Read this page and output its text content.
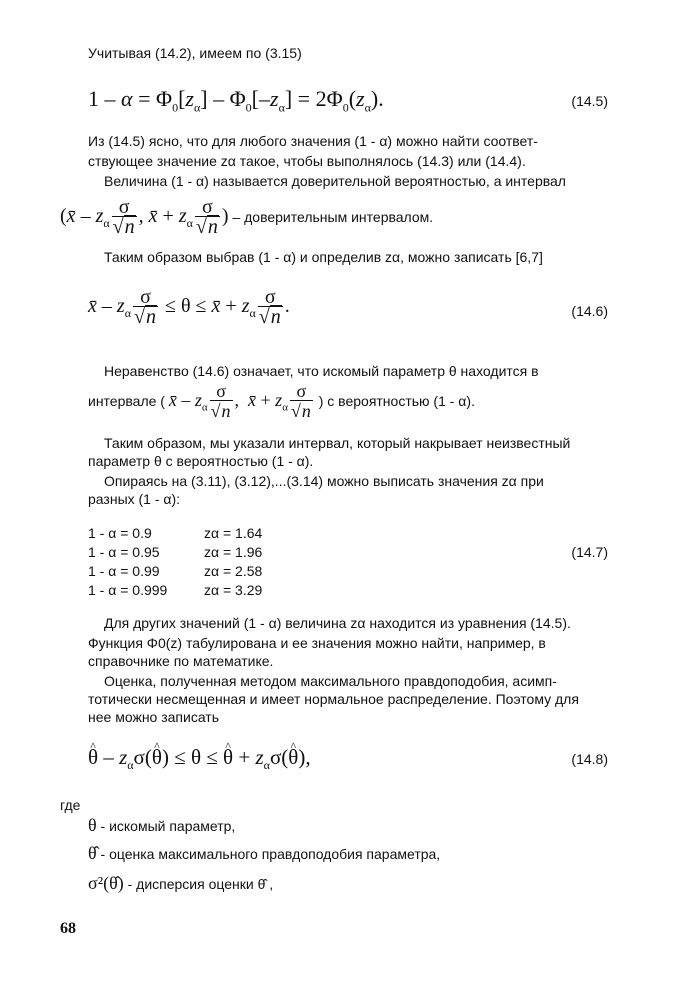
Учитывая (14.2), имеем по (3.15)
$1 - \alpha = \Phi_0[z_\alpha] - \Phi_0[-z_\alpha] = 2\Phi_0(z_\alpha)$.	(14.5)
Из (14.5) ясно, что для любого значения (1 - α) можно найти соответ-
ствующее значение zα такое, чтобы выполнялось (14.3) или (14.4).
Величина (1 - α) называется доверительной вероятностью, а интервал
(x̄ – $z_\alpha \frac{\sigma}{√n}$ , x̄ + $z_\alpha \frac{\sigma}{√n}$ ) – доверительным интервалом.
Таким образом выбрав (1 - α) и определив zα, можно записать [6,7]
x̄ – $z_\alpha \frac{\sigma}{√n} \le \theta$ ≤ x̄ + $z_\alpha \frac{\sigma}{√n}$ .	(14.6)
Неравенство (14.6) означает, что искомый параметр θ находится в
интервале ( x̄ – $z_\alpha \frac{\sigma}{√n}$ ,  x̄ + $z_\alpha \frac{\sigma}{√n}$ ) с вероятностью (1 - α).
Таким образом, мы указали интервал, который накрывает неизвестный
параметр θ с вероятностью (1 - α).
Опираясь на (3.11), (3.12),...(3.14) можно выписать значения zα при
разных (1 - α):
1 - α = 0.9	zα = 1.64
1 - α = 0.95	zα = 1.96
1 - α = 0.99	zα = 2.58
1 - α = 0.999	zα = 3.29
(14.7)
Для других значений (1 - α) величина zα находится из уравнения (14.5).
Функция Φ0(z) табулирована и ее значения можно найти, например, в
справочнике по математике.
Оценка, полученная методом максимального правдоподобия, асимп-
тотически несмещенная и имеет нормальное распределение. Поэтому для
нее можно записать
^ θ – $z_\alpha\sigma(\^{}$ θ) ≤ θ ≤ ^ $\theta + z_\alpha\sigma(\^{}$ θ),	(14.8)
где
θ - искомый параметр,
θ̂ - оценка максимального правдоподобия параметра,
σ²(θ̂) - дисперсия оценки θ̂ ,
68
